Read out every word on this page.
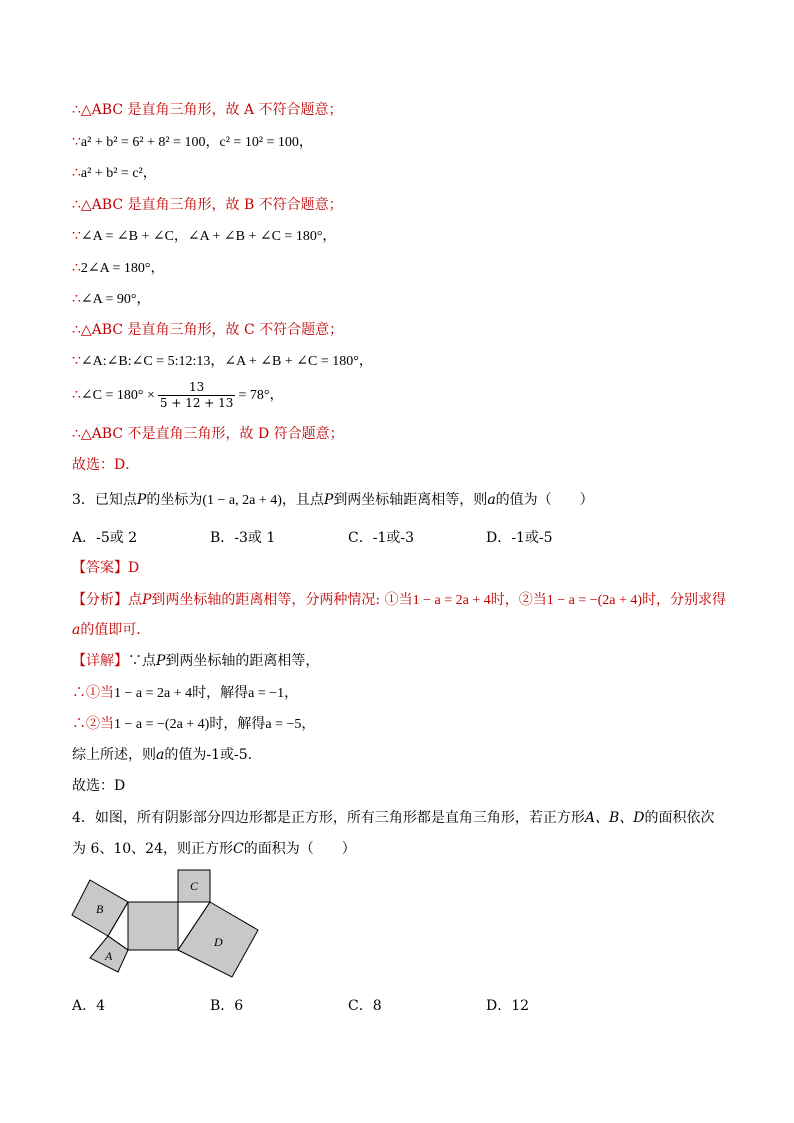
∴△ABC 是直角三角形，故 A 不符合题意；
∵a² + b² = 6² + 8² = 100，c² = 10² = 100，
∴a² + b² = c²，
∴△ABC 是直角三角形，故 B 不符合题意；
∵∠A = ∠B + ∠C，∠A + ∠B + ∠C = 180°，
∴2∠A = 180°，
∴∠A = 90°，
∴△ABC 是直角三角形，故 C 不符合题意；
∵∠A:∠B:∠C = 5:12:13，∠A + ∠B + ∠C = 180°，
∴∠C = $180^\circ \times \frac{13}{5 + 12 + 13} = 78^\circ$，
∴△ABC 不是直角三角形，故 D 符合题意；
故选：D．
3．已知点P的坐标为(1 − a, 2a + 4)，且点P到两坐标轴距离相等，则a的值为（　　）
A．-5或 2	B．-3或 1	C．-1或-3	D．-1或-5
【答案】D
【分析】点P到两坐标轴的距离相等，分两种情况: ①当1 − a = 2a + 4时，②当1 − a = −(2a + 4)时，分别求得
a的值即可．
【详解】∵点P到两坐标轴的距离相等，
∴①当1 − a = 2a + 4时，解得a = −1，
∴②当1 − a = −(2a + 4)时，解得a = −5，
综上所述，则a的值为-1或-5．
故选：D
4．如图，所有阴影部分四边形都是正方形，所有三角形都是直角三角形，若正方形A、B、D的面积依次
为 6、10、24，则正方形C的面积为（　　）
B
A
C
D
A．4	B．6	C．8	D．12
